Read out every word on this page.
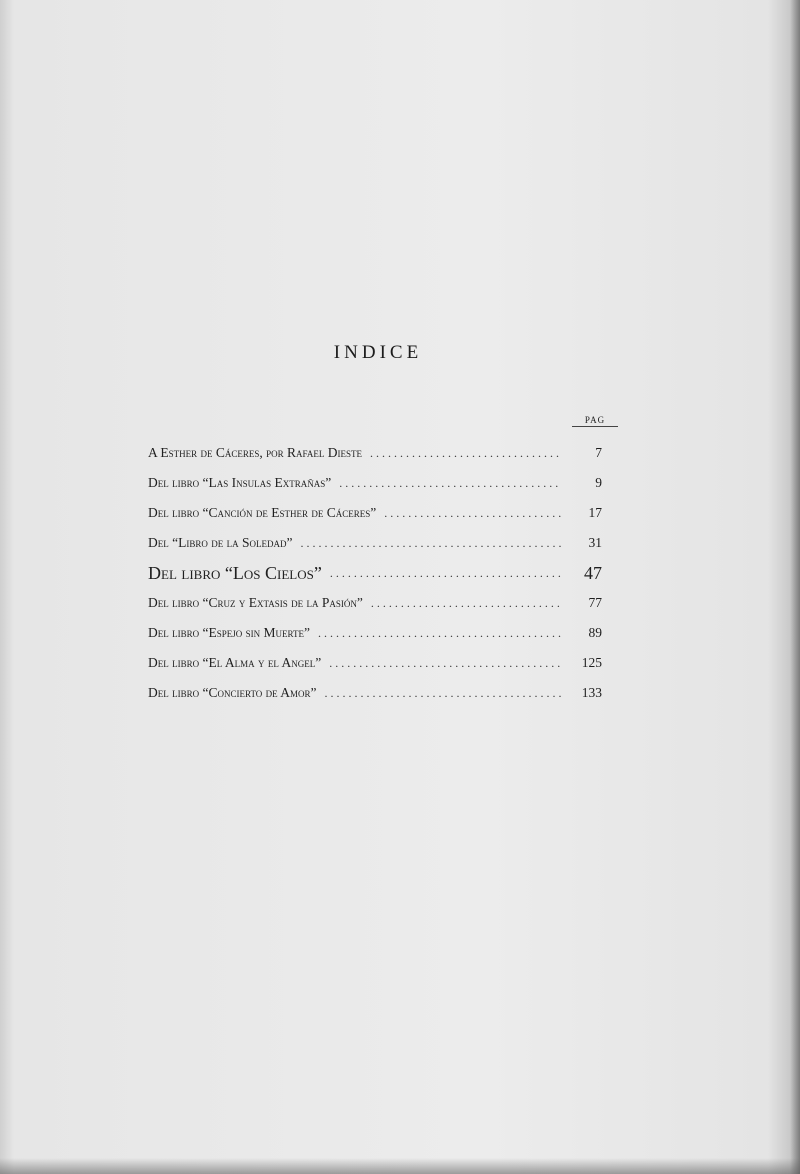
INDICE
PAG
A Esther de Cáceres, por Rafael Dieste .....	7
Del libro “Las Insulas Extrañas” .....	9
Del libro “Canción de Esther de Cáceres” .....	17
Del “Libro de la Soledad” .....	31
Del libro “Los Cielos” .....	47
Del libro “Cruz y Extasis de la Pasión” .....	77
Del libro “Espejo sin Muerte” .....	89
Del libro “El Alma y el Angel” .....	125
Del libro “Concierto de Amor” .....	133
